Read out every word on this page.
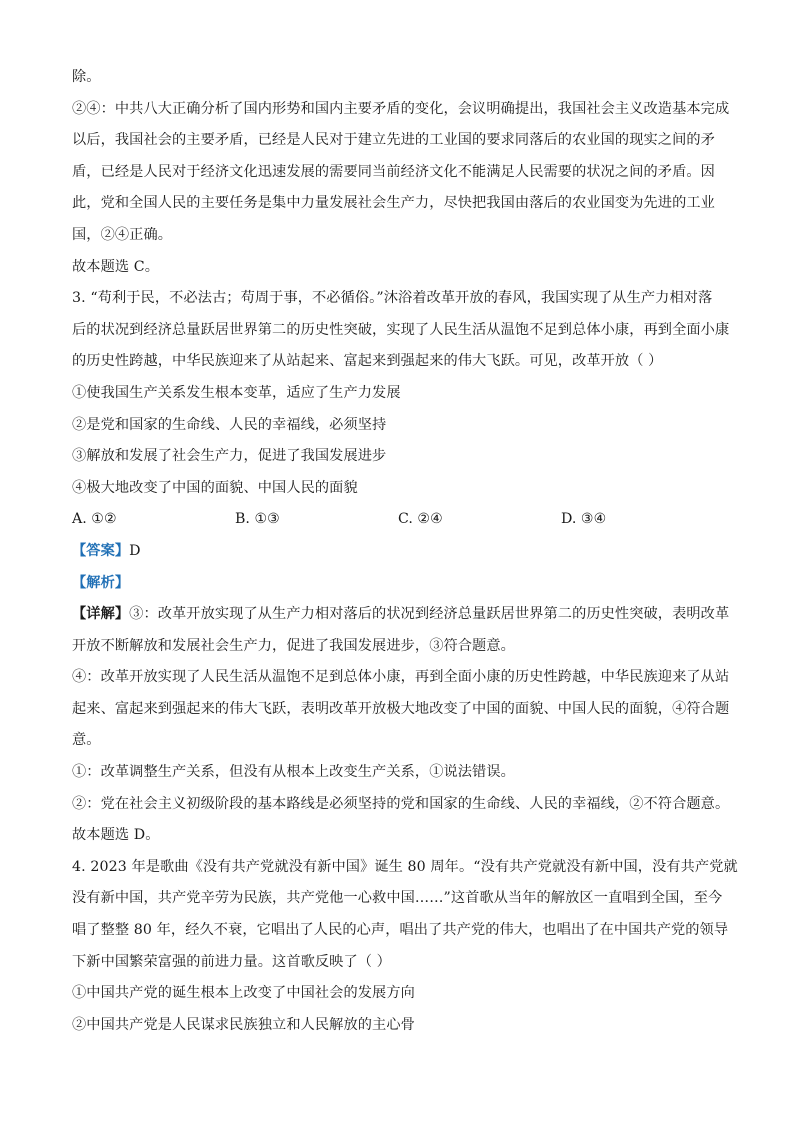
除。
②④：中共八大正确分析了国内形势和国内主要矛盾的变化，会议明确提出，我国社会主义改造基本完成
以后，我国社会的主要矛盾，已经是人民对于建立先进的工业国的要求同落后的农业国的现实之间的矛
盾，已经是人民对于经济文化迅速发展的需要同当前经济文化不能满足人民需要的状况之间的矛盾。因
此，党和全国人民的主要任务是集中力量发展社会生产力，尽快把我国由落后的农业国变为先进的工业
国，②④正确。
故本题选 C。
3. “苟利于民，不必法古；苟周于事，不必循俗。”沐浴着改革开放的春风，我国实现了从生产力相对落
后的状况到经济总量跃居世界第二的历史性突破，实现了人民生活从温饱不足到总体小康，再到全面小康
的历史性跨越，中华民族迎来了从站起来、富起来到强起来的伟大飞跃。可见，改革开放（ ）
①使我国生产关系发生根本变革，适应了生产力发展
②是党和国家的生命线、人民的幸福线，必须坚持
③解放和发展了社会生产力，促进了我国发展进步
④极大地改变了中国的面貌、中国人民的面貌
A. ①②	B. ①③	C. ②④	D. ③④
【答案】D
【解析】
【详解】③：改革开放实现了从生产力相对落后的状况到经济总量跃居世界第二的历史性突破，表明改革
开放不断解放和发展社会生产力，促进了我国发展进步，③符合题意。
④：改革开放实现了人民生活从温饱不足到总体小康，再到全面小康的历史性跨越，中华民族迎来了从站
起来、富起来到强起来的伟大飞跃，表明改革开放极大地改变了中国的面貌、中国人民的面貌，④符合题
意。
①：改革调整生产关系，但没有从根本上改变生产关系，①说法错误。
②：党在社会主义初级阶段的基本路线是必须坚持的党和国家的生命线、人民的幸福线，②不符合题意。
故本题选 D。
4. 2023 年是歌曲《没有共产党就没有新中国》诞生 80 周年。“没有共产党就没有新中国，没有共产党就
没有新中国，共产党辛劳为民族，共产党他一心救中国……”这首歌从当年的解放区一直唱到全国，至今
唱了整整 80 年，经久不衰，它唱出了人民的心声，唱出了共产党的伟大，也唱出了在中国共产党的领导
下新中国繁荣富强的前进力量。这首歌反映了（ ）
①中国共产党的诞生根本上改变了中国社会的发展方向
②中国共产党是人民谋求民族独立和人民解放的主心骨
